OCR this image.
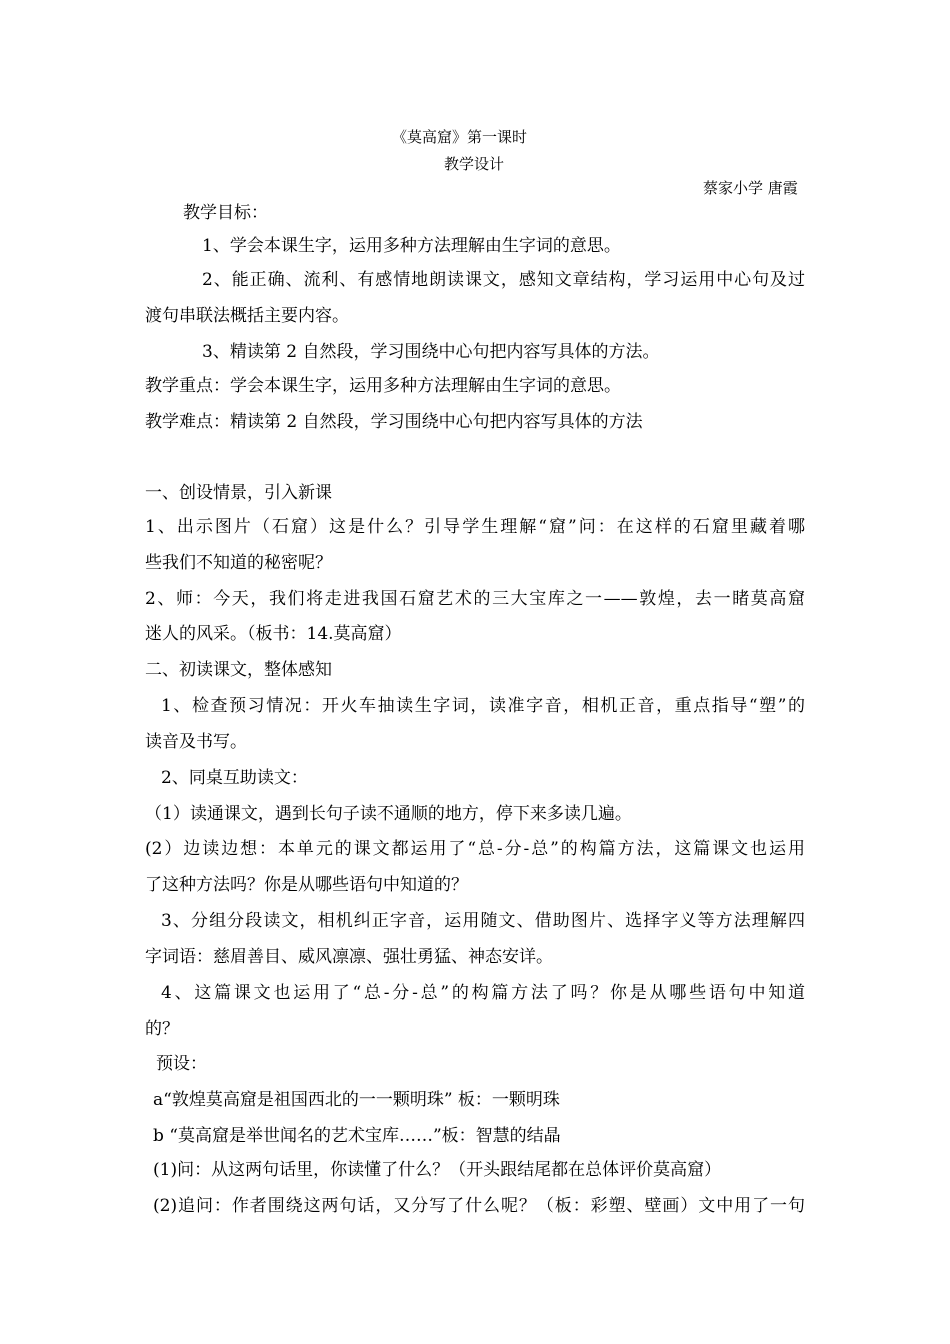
《莫高窟》第一课时
教学设计
蔡家小学 唐霞
教学目标：
1、学会本课生字，运用多种方法理解由生字词的意思。
2、能正确、流利、有感情地朗读课文，感知文章结构，学习运用中心句及过
渡句串联法概括主要内容。
3、精读第 2 自然段，学习围绕中心句把内容写具体的方法。
教学重点：学会本课生字，运用多种方法理解由生字词的意思。
教学难点：精读第 2 自然段，学习围绕中心句把内容写具体的方法
一、创设情景，引入新课
1、出示图片（石窟）这是什么？引导学生理解“窟”问：在这样的石窟里藏着哪
些我们不知道的秘密呢？
2、师：今天，我们将走进我国石窟艺术的三大宝库之一——敦煌，去一睹莫高窟
迷人的风采。（板书：14.莫高窟）
二、初读课文，整体感知
1、检查预习情况：开火车抽读生字词，读准字音，相机正音，重点指导“塑”的
读音及书写。
2、同桌互助读文：
（1）读通课文，遇到长句子读不通顺的地方，停下来多读几遍。
(2）边读边想：本单元的课文都运用了“总-分-总”的构篇方法，这篇课文也运用
了这种方法吗？你是从哪些语句中知道的？
3、分组分段读文，相机纠正字音，运用随文、借助图片、选择字义等方法理解四
字词语：慈眉善目、威风凛凛、强壮勇猛、神态安详。
4、这篇课文也运用了“总-分-总”的构篇方法了吗？你是从哪些语句中知道
的？
预设：
a“敦煌莫高窟是祖国西北的一一颗明珠” 板：一颗明珠
b “莫高窟是举世闻名的艺术宝库……”板：智慧的结晶
(1)问：从这两句话里，你读懂了什么？（开头跟结尾都在总体评价莫高窟）
(2)追问：作者围绕这两句话，又分写了什么呢？（板：彩塑、壁画）文中用了一句
